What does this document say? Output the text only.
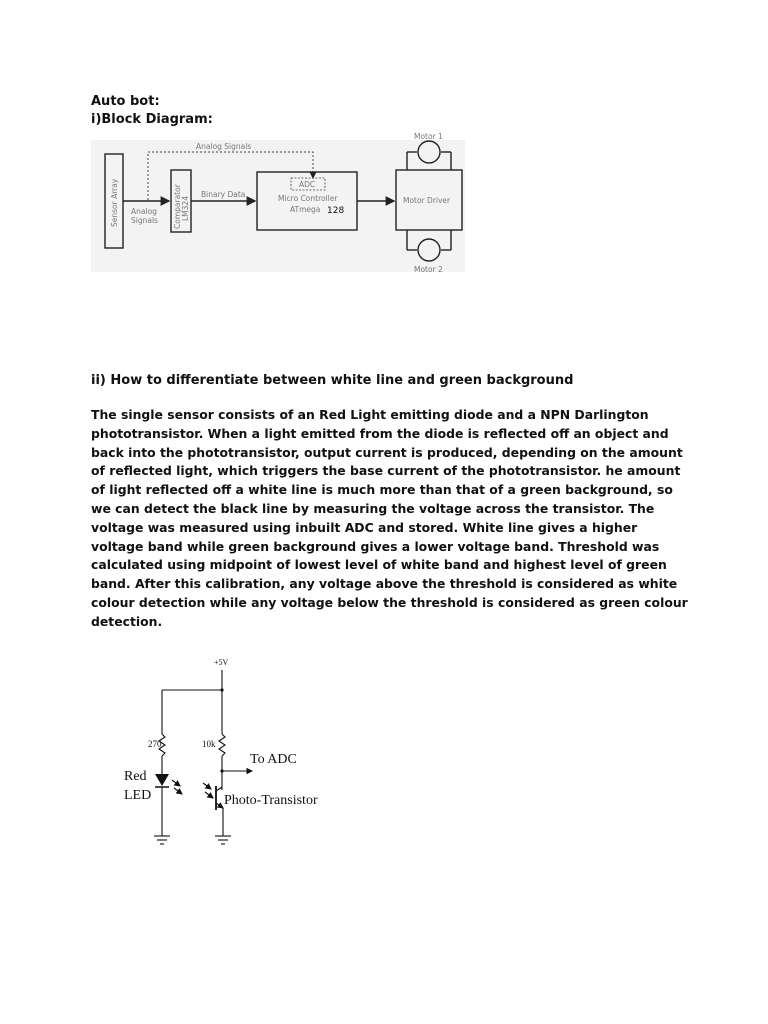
Auto bot:
i)Block Diagram:
Sensor Array
Analog Signals
Analog
Signals Comparator LM324
Binary Data
ADC
Micro Controller
ATmega 128
Motor Driver
Motor 1
Motor 2
ii) How to differentiate between white line and green background

The single sensor consists of an Red Light emitting diode and a NPN Darlington phototransistor. When a light emitted from the diode is reflected off an object and back into the phototransistor, output current is produced, depending on the amount of reflected light, which triggers the base current of the phototransistor. he amount of light reflected off a white line is much more than that of a green background, so we can detect the black line by measuring the voltage across the transistor. The voltage was measured using inbuilt ADC and stored. White line gives a higher voltage band while green background gives a lower voltage band. Threshold was calculated using midpoint of lowest level of white band and highest level of green band. After this calibration, any voltage above the threshold is considered as white colour detection while any voltage below the threshold is considered as green colour detection.

+5V
270
Red
LED
10k
To ADC
Photo-Transistor
